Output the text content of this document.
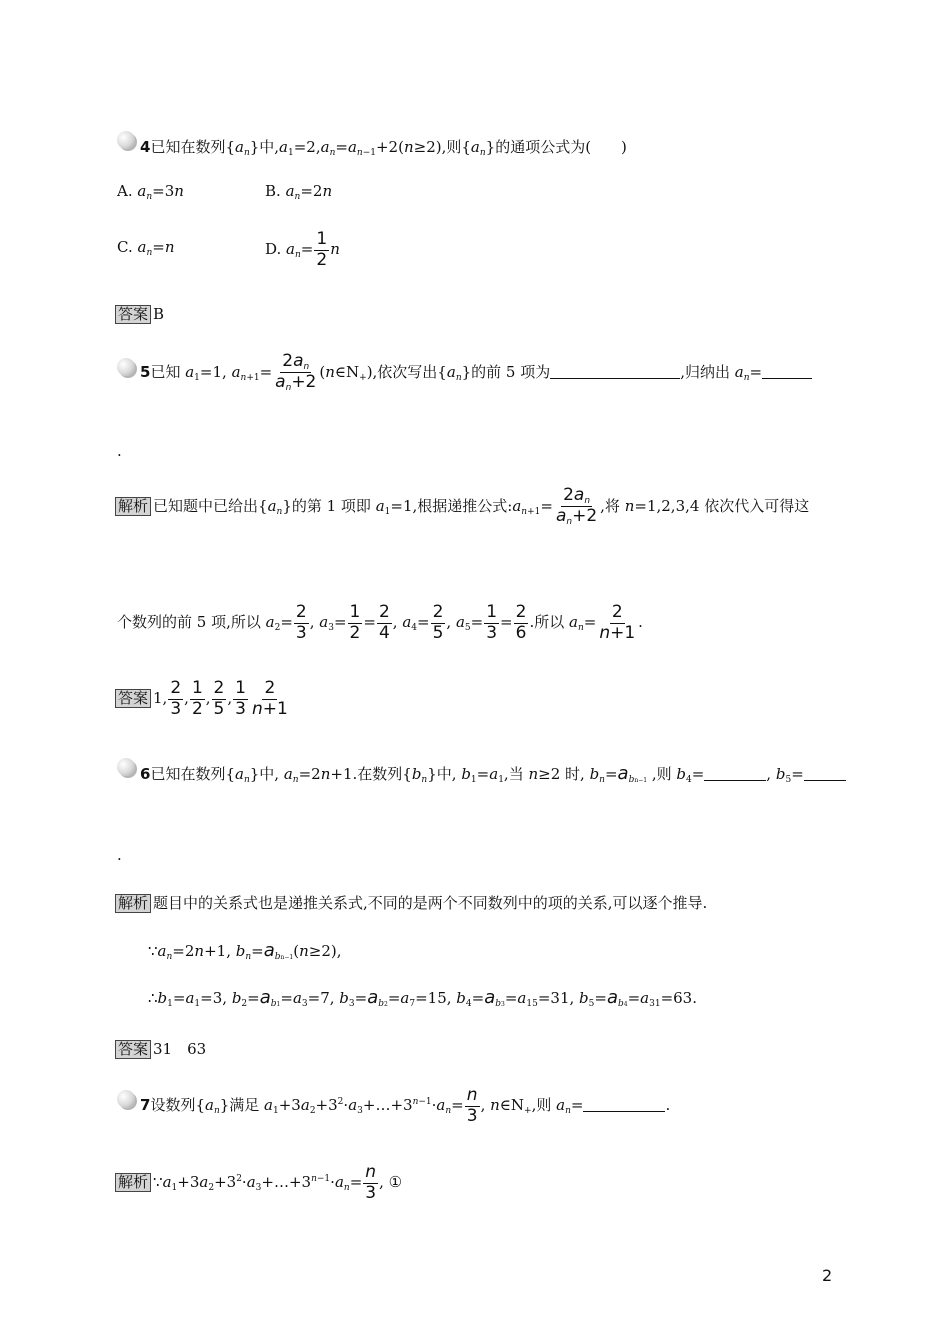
4已知在数列$\{a_n\}$中$,a_1=2,a_n=a_{n-1}+2(n\ge 2)$,则$\{a_n\}$的通项公式为(　　)
A. $a_n=3n$	B. $a_n=2n$
C. $a_n=n$	D. $a_n= \frac{1}{2}$ n
答案 B
5已知 $a_1=1$, $a_{n+1}= \frac{2a_n}{a_n+2}$ $(n\in N_+)$,依次写出$\{a_n\}$的前 5 项为	,归纳出 $a_n=$
.
解析 已知题中已给出$\{a_n\}$的第 1 项即 $a_1=1$,根据递推公式$:a_{n+1}= \frac{2a_n}{a_n+2}$ ,将 n=1,2,3,4 依次代入可得这
个数列的前 5 项,所以 $a_2= \frac{2}{3}$ , $a_3= \frac{1}{2} = \frac{2}{4}$ , $a_4= \frac{2}{5}$ , $a_5= \frac{1}{3} = \frac{2}{6}$ .所以 $a_n= \frac{2}{n+1}$ .
答案 1, $\frac{2}{3}$ , $\frac{1}{2}$ , $\frac{2}{5}$ , $\frac{1}{3} \frac{2}{n+1}$
6已知在数列$\{a_n\}$中, $a_n=2n+1$.在数列$\{b_n\}$中, $b_1=a_1$,当 n≥2 时, $b_n=a_{bn-1}$ ,则 $b_4=$	, $b_5=$
.
解析 题目中的关系式也是递推关系式,不同的是两个不同数列中的项的关系,可以逐个推导.
$\because a_n=2n+1$, $b_n=a_{bn-1}(n\ge 2)$,
$\therefore b_1=a_1=3$, $b_2=a_{b1}=a_3=7$, $b_3=a_{b2}=a_7=15$, $b_4=a_{b3}=a_{15}=31$, $b_5=a_{b4}=a_{31}=63$.
答案 31　63
7设数列$\{a_n\}$满足 $a_1+3a_2+3^2\cdot a_3+\dots+3^{n-1}\cdot a_n= \frac{n}{3}$ , $n\in N_+$,则 $a_n=$	.
解析 $\because a_1+3a_2+3^2\cdot a_3+\dots+3^{n-1}\cdot a_n= \frac{n}{3}$ , ①
2
